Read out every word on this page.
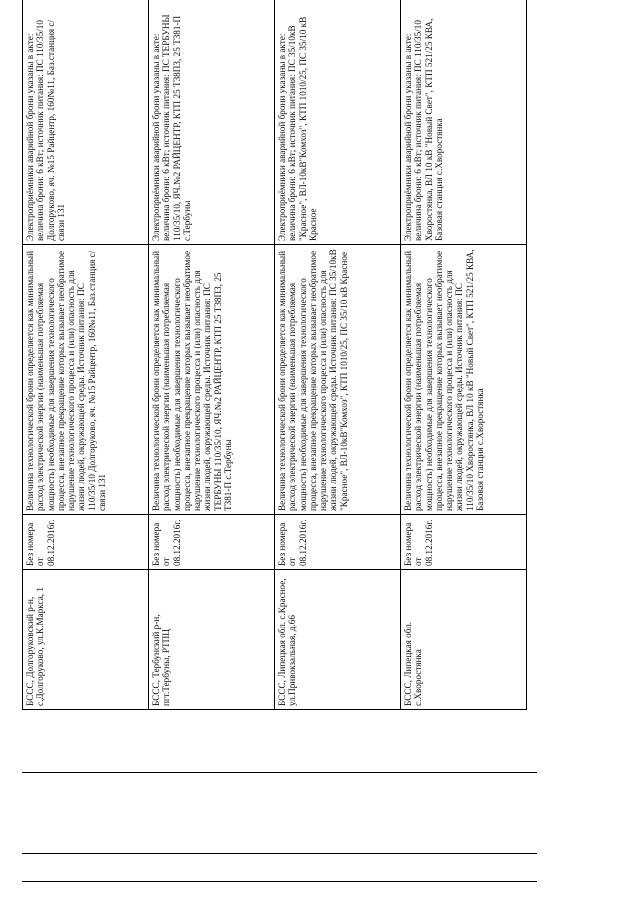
БССС, Долгоруковский р-н, с.Долгоруково, ул.К.Маркса, 1	Без номера от 08.12.2016г.	Величина технологической брони определяется как минимальный расход электрической энергии (наименьшая потребляемая мощность) необходимые для завершения технологического процесса, внезапное прекращение которых вызывает необратимое нарушение технологического процесса и (или) опасность для жизни людей, окружающей среды. Источник питания: ПС 110/35/10 Долгоруково, яч. №15 Райцентр, 160№11, Баз.станция с/связи 131	Электроприёмники аварийной брони указаны в акте: величина брони: 6 кВт; источник питания: ПС 110/35/10 Долгоруково, яч. №15 Райцентр, 160№11, Баз.станция с/связи 131
БССС, Тербунский р-н, пгт.Тербуны, РТПЦ	Без номера от 08.12.2016г.	Величина технологической брони определяется как минимальный расход электрической энергии (наименьшая потребляемая мощность) необходимые для завершения технологического процесса, внезапное прекращение которых вызывает необратимое нарушение технологического процесса и (или) опасность для жизни людей, окружающей среды. Источник питания: ПС ТЕРБУНЫ 110/35/10, ЯЧ.№2 РАЙЦЕНТР, КТП 25 Т38ПЗ, 25 Т381-П с.Тербуны	Электроприёмники аварийной брони указаны в акте: величина брони: 6 кВт; источник питания: ПС ТЕРБУНЫ 110/35/10, ЯЧ.№2 РАЙЦЕНТР, КТП 25 Т38ПЗ, 25 Т381-П с.Тербуны
БССС, Липецкая обл. с.Красное, ул.Привокзальная, д.66	Без номера от 08.12.2016г.	Величина технологической брони определяется как минимальный расход электрической энергии (наименьшая потребляемая мощность) необходимые для завершения технологического процесса, внезапное прекращение которых вызывает необратимое нарушение технологического процесса и (или) опасность для жизни людей, окружающей среды. Источник питания: ПС 35/10кВ "Красное", ВЛ-10кВ"Комхоз", КТП 1010/25, ПС 35/10 кВ Красное	Электроприёмники аварийной брони указаны в акте: величина брони: 6 кВт; источник питания: ПС 35/10кВ "Красное", ВЛ-10кВ"Комхоз", КТП 1010/25, ПС 35/10 кВ Красное
БССС, Липецкая обл. с.Хворостянка	Без номера от 08.12.2016г.	Величина технологической брони определяется как минимальный расход электрической энергии (наименьшая потребляемая мощность) необходимые для завершения технологического процесса, внезапное прекращение которых вызывает необратимое нарушение технологического процесса и (или) опасность для жизни людей, окружающей среды. Источник питания: ПС 110/35/10 Хворостянка, ВЛ 10 кВ "Новый Свет", КТП 521/25 КВА, Базовая станция с.Хворостянка	Электроприёмники аварийной брони указаны в акте: величина брони: 6 кВт; источник питания: ПС 110/35/10 Хворостянка, ВЛ 10 кВ "Новый Свет", КТП 521/25 КВА, Базовая станция с.Хворостянка
